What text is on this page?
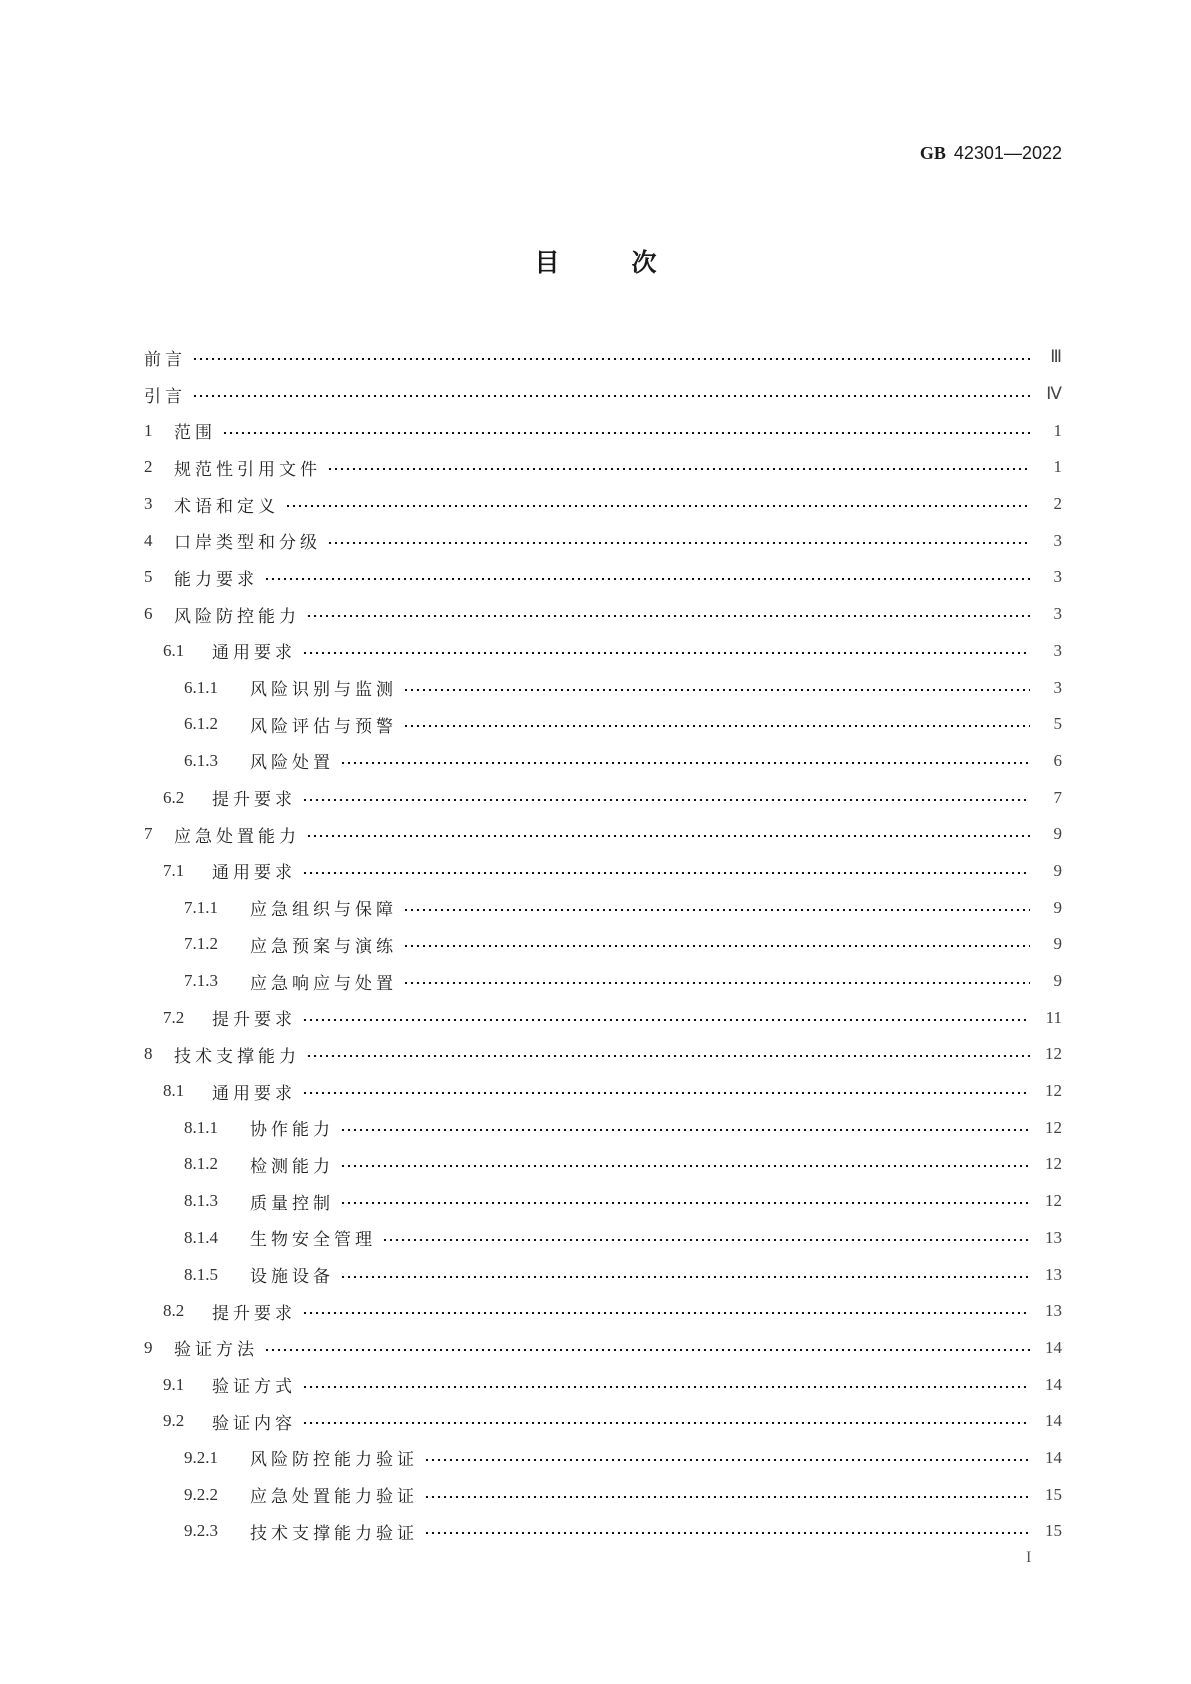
GB 42301—2022
目	次
前言	Ⅲ
引言	Ⅳ
1	范围	1
2	规范性引用文件	1
3	术语和定义	2
4	口岸类型和分级	3
5	能力要求	3
6	风险防控能力	3
6.1	通用要求	3
6.1.1	风险识别与监测	3
6.1.2	风险评估与预警	5
6.1.3	风险处置	6
6.2	提升要求	7
7	应急处置能力	9
7.1	通用要求	9
7.1.1	应急组织与保障	9
7.1.2	应急预案与演练	9
7.1.3	应急响应与处置	9
7.2	提升要求	11
8	技术支撑能力	12
8.1	通用要求	12
8.1.1	协作能力	12
8.1.2	检测能力	12
8.1.3	质量控制	12
8.1.4	生物安全管理	13
8.1.5	设施设备	13
8.2	提升要求	13
9	验证方法	14
9.1	验证方式	14
9.2	验证内容	14
9.2.1	风险防控能力验证	14
9.2.2	应急处置能力验证	15
9.2.3	技术支撑能力验证	15
I
